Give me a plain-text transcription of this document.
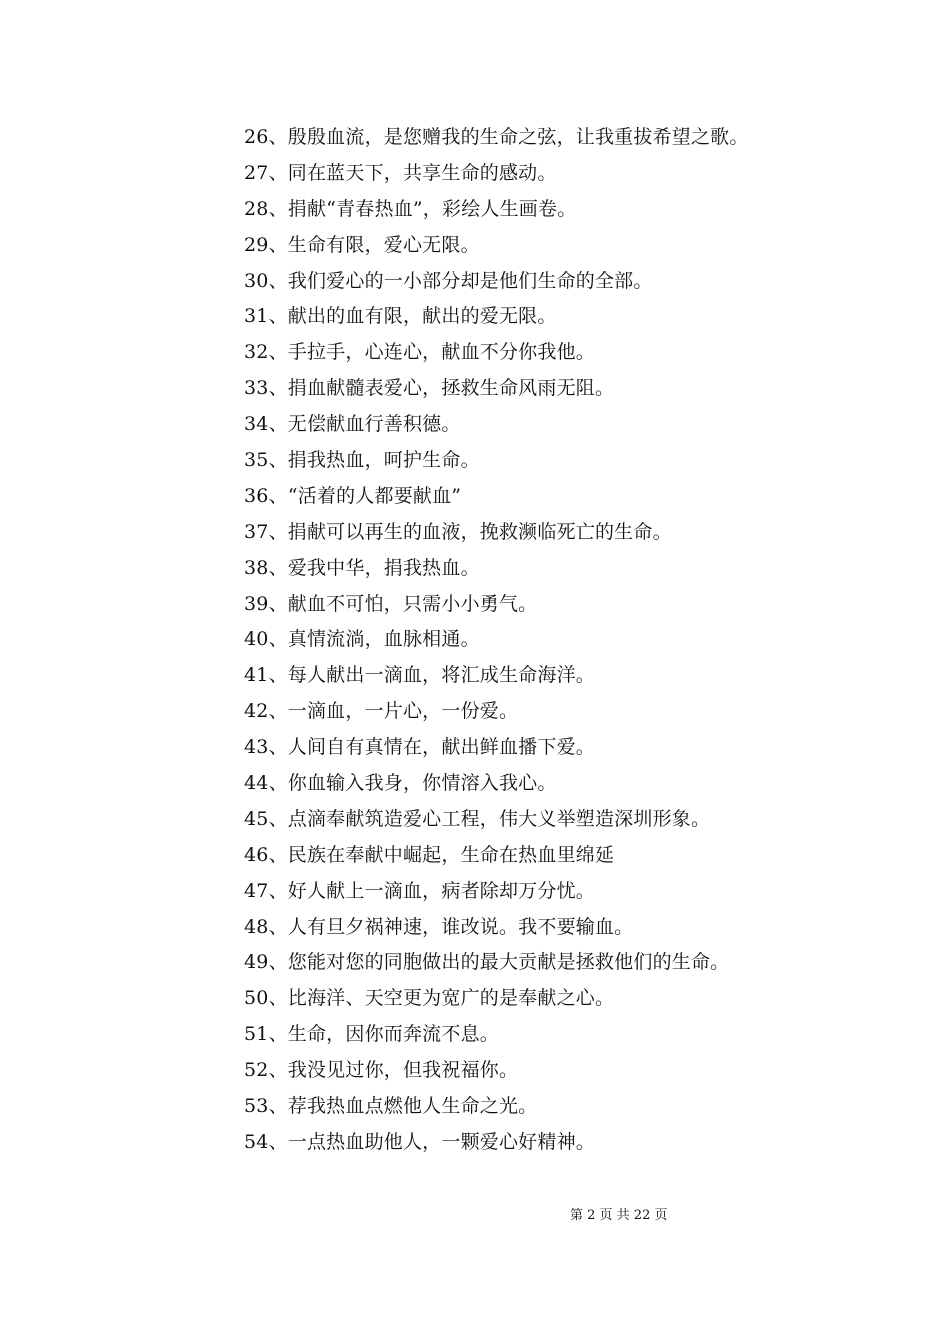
26、殷殷血流，是您赠我的生命之弦，让我重拔希望之歌。
27、同在蓝天下，共享生命的感动。
28、捐献“青春热血”，彩绘人生画卷。
29、生命有限，爱心无限。
30、我们爱心的一小部分却是他们生命的全部。
31、献出的血有限，献出的爱无限。
32、手拉手，心连心，献血不分你我他。
33、捐血献髓表爱心，拯救生命风雨无阻。
34、无偿献血行善积德。
35、捐我热血，呵护生命。
36、“活着的人都要献血”
37、捐献可以再生的血液，挽救濒临死亡的生命。
38、爱我中华，捐我热血。
39、献血不可怕，只需小小勇气。
40、真情流淌，血脉相通。
41、每人献出一滴血，将汇成生命海洋。
42、一滴血，一片心，一份爱。
43、人间自有真情在，献出鲜血播下爱。
44、你血输入我身，你情溶入我心。
45、点滴奉献筑造爱心工程，伟大义举塑造深圳形象。
46、民族在奉献中崛起，生命在热血里绵延
47、好人献上一滴血，病者除却万分忧。
48、人有旦夕祸神速，谁改说。我不要输血。
49、您能对您的同胞做出的最大贡献是拯救他们的生命。
50、比海洋、天空更为宽广的是奉献之心。
51、生命，因你而奔流不息。
52、我没见过你，但我祝福你。
53、荐我热血点燃他人生命之光。
54、一点热血助他人，一颗爱心好精神。
第 2 页 共 22 页
